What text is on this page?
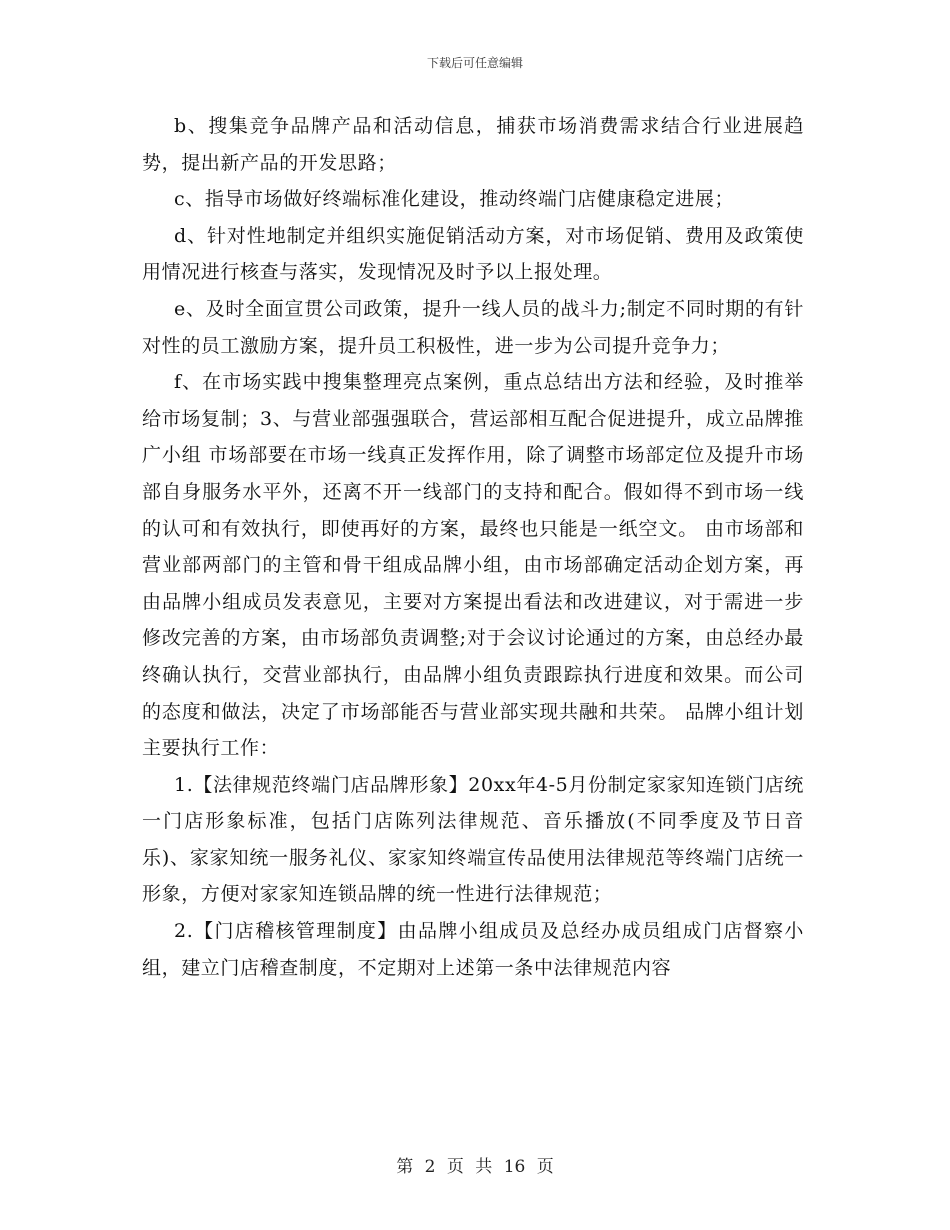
下载后可任意编辑

b、搜集竞争品牌产品和活动信息，捕获市场消费需求结合行业进展趋势，提出新产品的开发思路；

c、指导市场做好终端标准化建设，推动终端门店健康稳定进展；

d、针对性地制定并组织实施促销活动方案，对市场促销、费用及政策使用情况进行核查与落实，发现情况及时予以上报处理。

e、及时全面宣贯公司政策，提升一线人员的战斗力;制定不同时期的有针对性的员工激励方案，提升员工积极性，进一步为公司提升竞争力；

f、在市场实践中搜集整理亮点案例，重点总结出方法和经验，及时推举给市场复制；3、与营业部强强联合，营运部相互配合促进提升，成立品牌推广小组 市场部要在市场一线真正发挥作用，除了调整市场部定位及提升市场部自身服务水平外，还离不开一线部门的支持和配合。假如得不到市场一线的认可和有效执行，即使再好的方案，最终也只能是一纸空文。 由市场部和营业部两部门的主管和骨干组成品牌小组，由市场部确定活动企划方案，再由品牌小组成员发表意见，主要对方案提出看法和改进建议，对于需进一步修改完善的方案，由市场部负责调整;对于会议讨论通过的方案，由总经办最终确认执行，交营业部执行，由品牌小组负责跟踪执行进度和效果。而公司的态度和做法，决定了市场部能否与营业部实现共融和共荣。 品牌小组计划主要执行工作：

1.【法律规范终端门店品牌形象】20xx年4-5月份制定家家知连锁门店统一门店形象标准，包括门店陈列法律规范、音乐播放(不同季度及节日音乐)、家家知统一服务礼仪、家家知终端宣传品使用法律规范等终端门店统一形象，方便对家家知连锁品牌的统一性进行法律规范；

2.【门店稽核管理制度】由品牌小组成员及总经办成员组成门店督察小组，建立门店稽查制度，不定期对上述第一条中法律规范内容

第 2 页 共 16 页
